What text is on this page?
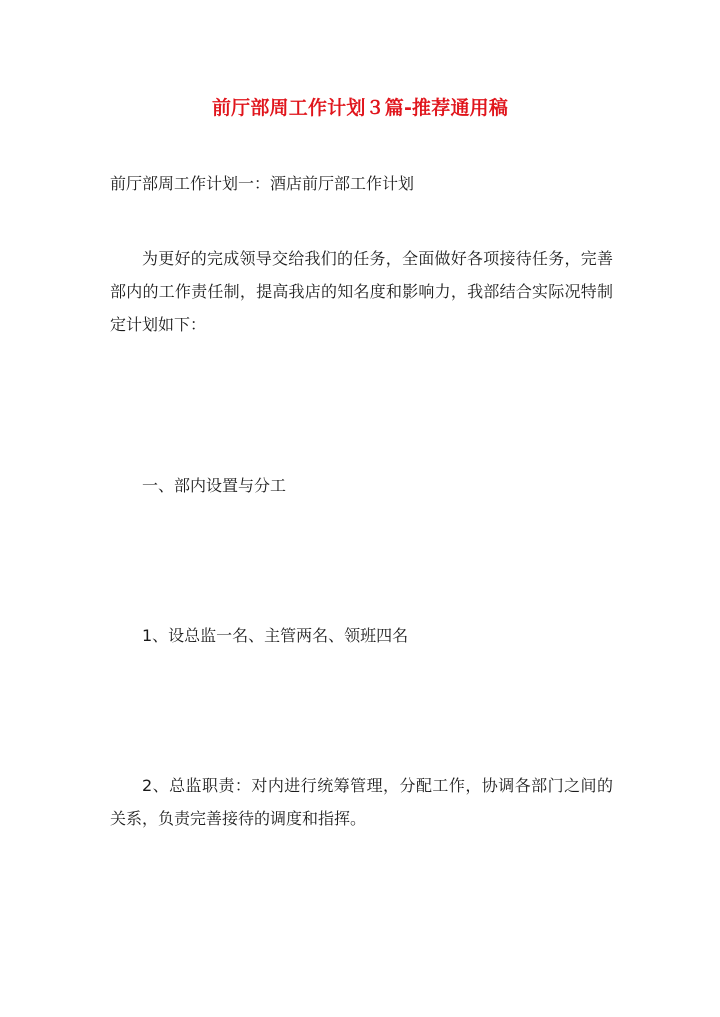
前厅部周工作计划３篇-推荐通用稿
前厅部周工作计划一：酒店前厅部工作计划

为更好的完成领导交给我们的任务，全面做好各项接待任务，完善部内的工作责任制，提高我店的知名度和影响力，我部结合实际况特制定计划如下：

一、部内设置与分工

1、设总监一名、主管两名、领班四名

2、总监职责：对内进行统筹管理，分配工作，协调各部门之间的关系，负责完善接待的调度和指挥。
